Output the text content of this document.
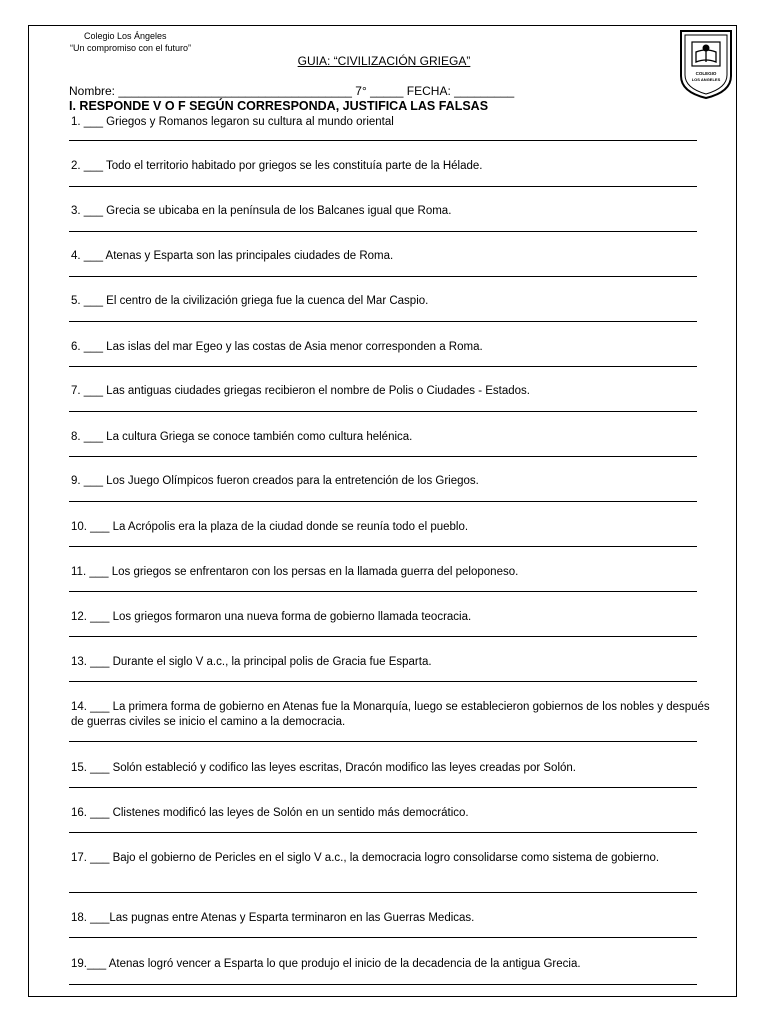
Colegio Los Ángeles
“Un compromiso con el futuro”
COLEGIO
LOS ANGELES
GUIA: “CIVILIZACIÓN GRIEGA”
Nombre: ___________________________________ 7° _____ FECHA: _________
I. RESPONDE V O F SEGÚN CORRESPONDA, JUSTIFICA LAS FALSAS
1. ___ Griegos y Romanos legaron su cultura al mundo oriental
2. ___ Todo el territorio habitado por griegos se les constituía parte de la Hélade.
3. ___ Grecia se ubicaba en la península de los Balcanes igual que Roma.
4. ___ Atenas y Esparta son las principales ciudades de Roma.
5. ___ El centro de la civilización griega fue la cuenca del Mar Caspio.
6. ___ Las islas del mar Egeo y las costas de Asia menor corresponden a Roma.
7. ___ Las antiguas ciudades griegas recibieron el nombre de Polis o Ciudades - Estados.
8. ___ La cultura Griega se conoce también como cultura helénica.
9. ___ Los Juego Olímpicos fueron creados para la entretención de los Griegos.
10. ___ La Acrópolis era la plaza de la ciudad donde se reunía todo el pueblo.
11. ___ Los griegos se enfrentaron con los persas en la llamada guerra del peloponeso.
12. ___ Los griegos formaron una nueva forma de gobierno llamada teocracia.
13. ___ Durante el siglo V a.c., la principal polis de Gracia fue Esparta.
14. ___ La primera forma de gobierno en Atenas fue la Monarquía, luego se establecieron gobiernos de los nobles y después de guerras civiles se inicio el camino a la democracia.
15. ___ Solón estableció y codifico las leyes escritas, Dracón modifico las leyes creadas por Solón.
16. ___ Clistenes modificó las leyes de Solón en un sentido más democrático.
17. ___ Bajo el gobierno de Pericles en el siglo V a.c., la democracia logro consolidarse como sistema de gobierno.
18. ___Las pugnas entre Atenas y Esparta terminaron en las Guerras Medicas.
19.___ Atenas logró vencer a Esparta lo que produjo el inicio de la decadencia de la antigua Grecia.
